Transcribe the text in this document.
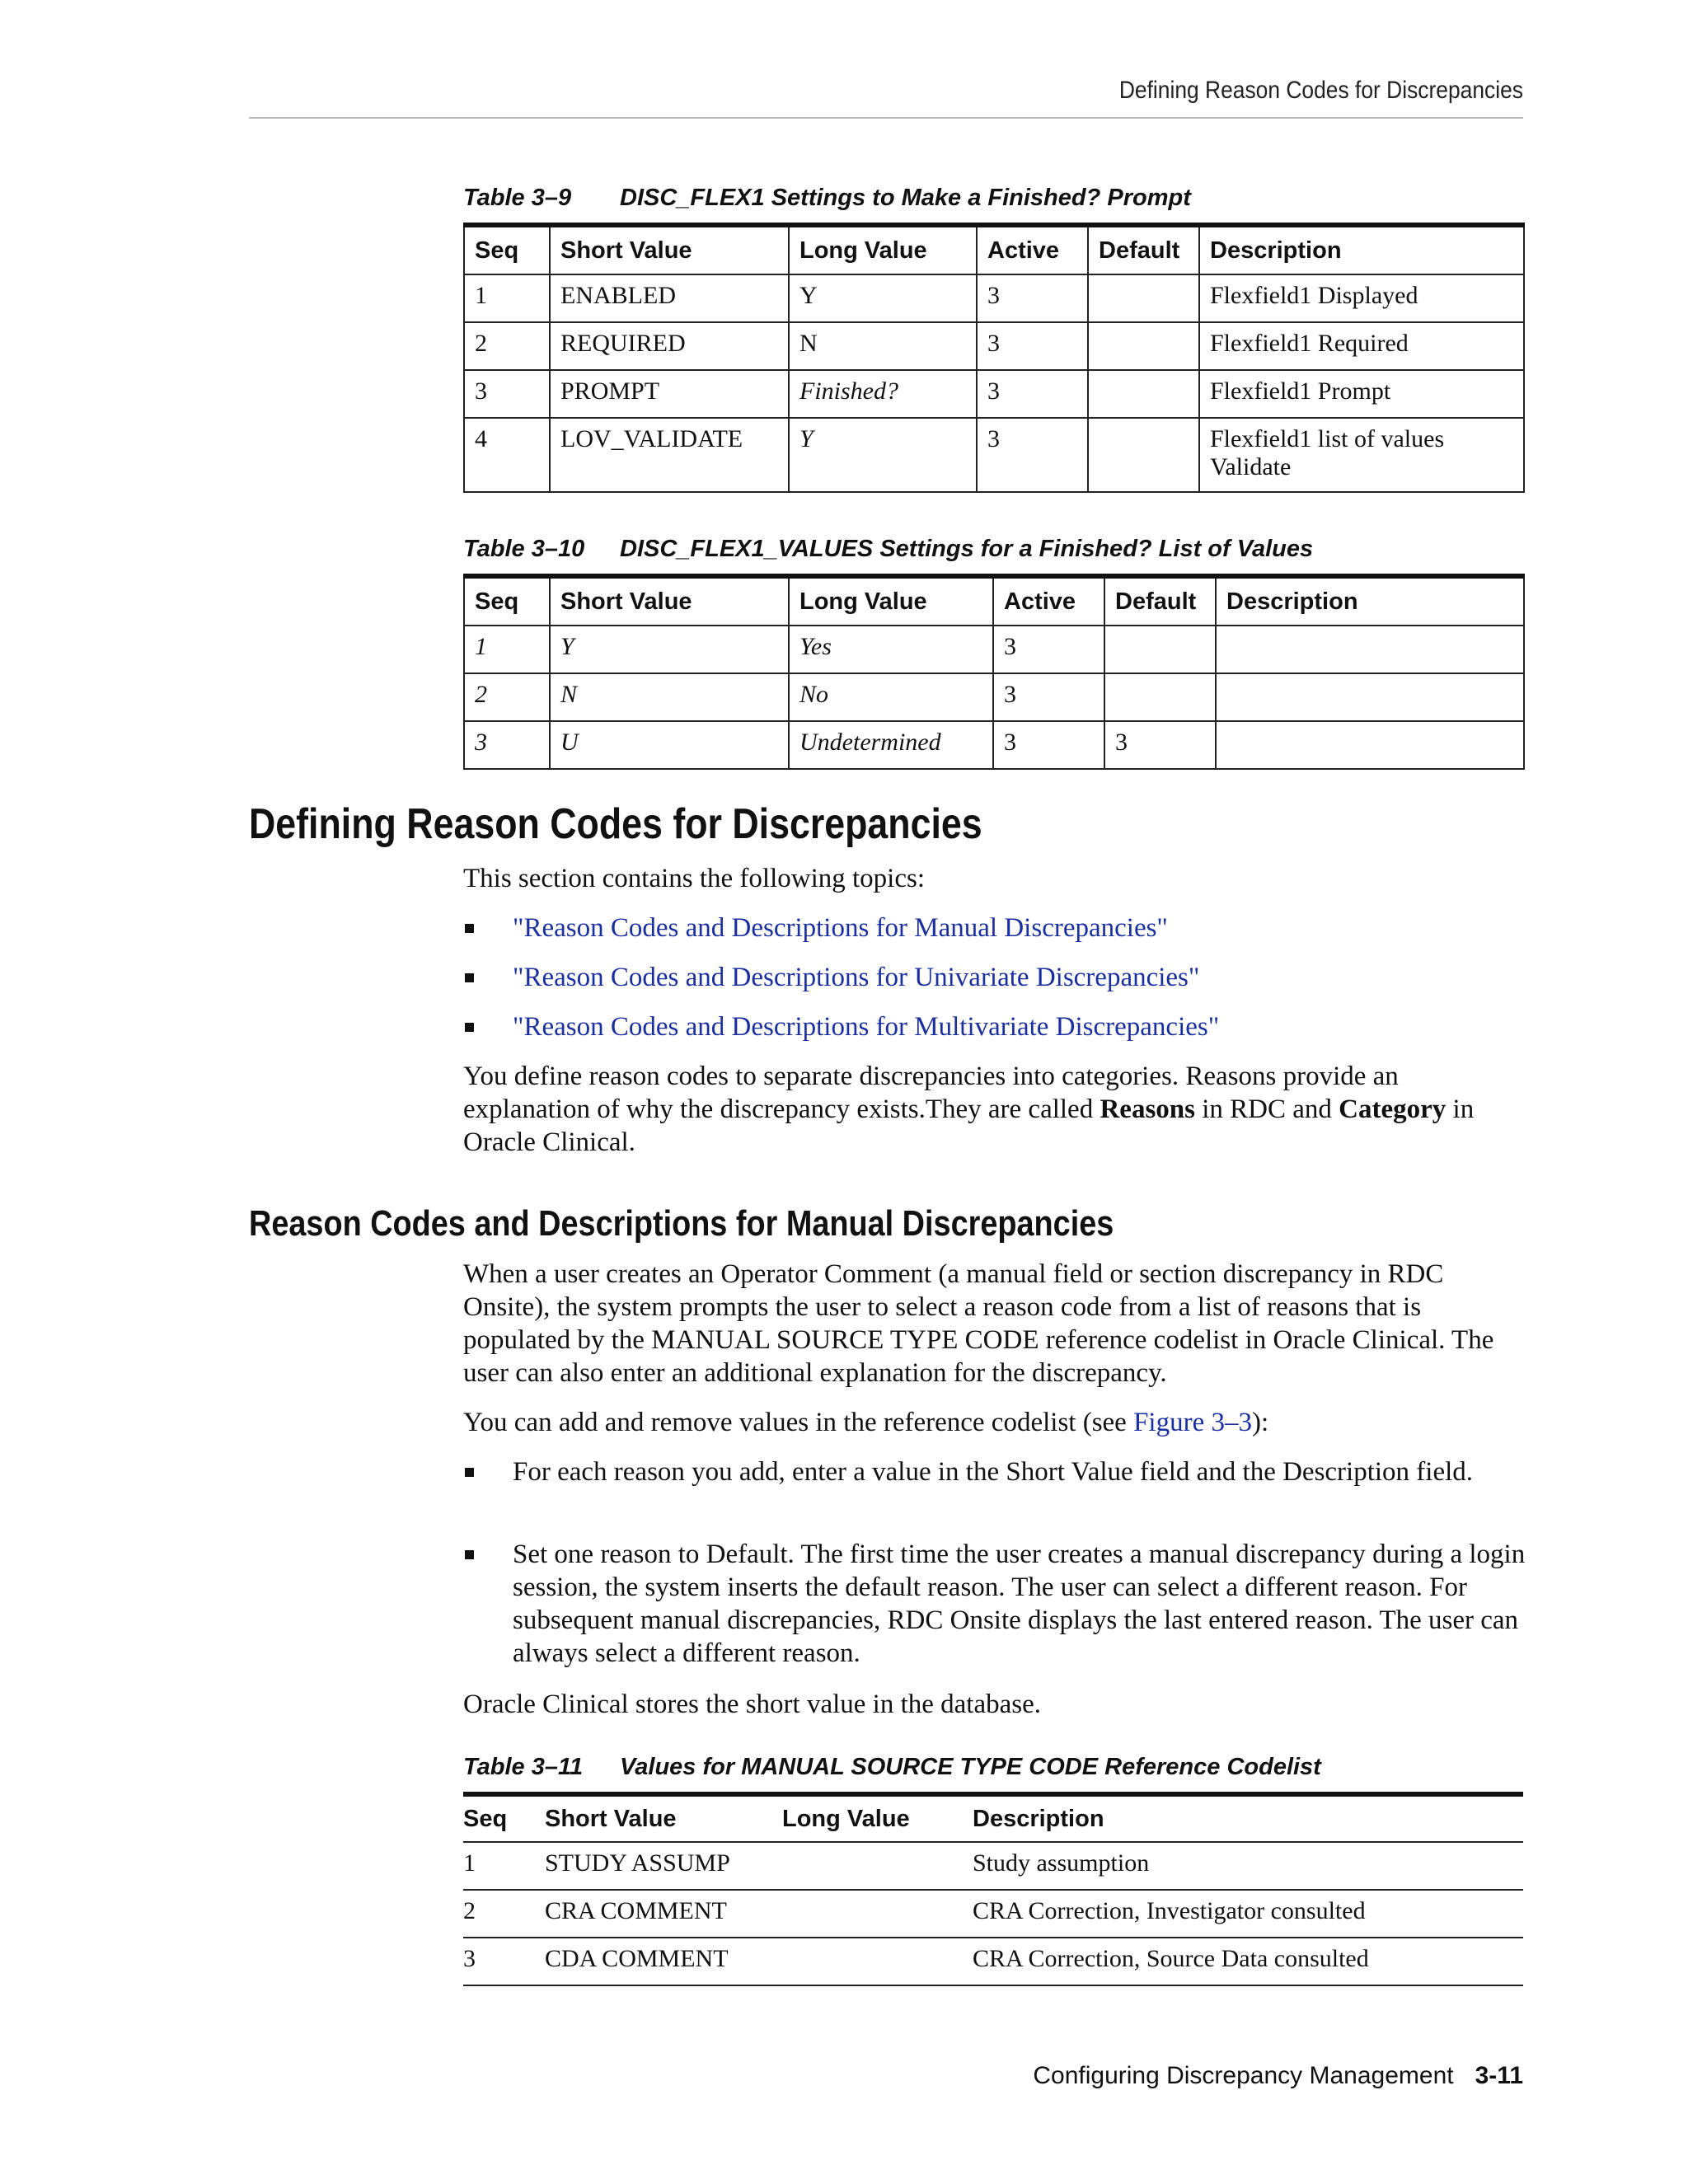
Defining Reason Codes for Discrepancies
Table 3–9 DISC_FLEX1 Settings to Make a Finished? Prompt
Seq	Short Value	Long Value	Active	Default	Description
1	ENABLED	Y	3		Flexfield1 Displayed
2	REQUIRED	N	3		Flexfield1 Required
3	PROMPT	Finished?	3		Flexfield1 Prompt
4	LOV_VALIDATE	Y	3		Flexfield1 list of values Validate
Table 3–10 DISC_FLEX1_VALUES Settings for a Finished? List of Values
Seq	Short Value	Long Value	Active	Default	Description
1	Y	Yes	3		
2	N	No	3		
3	U	Undetermined	3	3	
Defining Reason Codes for Discrepancies
This section contains the following topics:
"Reason Codes and Descriptions for Manual Discrepancies"
"Reason Codes and Descriptions for Univariate Discrepancies"
"Reason Codes and Descriptions for Multivariate Discrepancies"
You define reason codes to separate discrepancies into categories. Reasons provide an explanation of why the discrepancy exists.They are called Reasons in RDC and Category in Oracle Clinical.
Reason Codes and Descriptions for Manual Discrepancies
When a user creates an Operator Comment (a manual field or section discrepancy in RDC Onsite), the system prompts the user to select a reason code from a list of reasons that is populated by the MANUAL SOURCE TYPE CODE reference codelist in Oracle Clinical. The user can also enter an additional explanation for the discrepancy.
You can add and remove values in the reference codelist (see Figure 3–3):
For each reason you add, enter a value in the Short Value field and the Description field.
Set one reason to Default. The first time the user creates a manual discrepancy during a login session, the system inserts the default reason. The user can select a different reason. For subsequent manual discrepancies, RDC Onsite displays the last entered reason. The user can always select a different reason.
Oracle Clinical stores the short value in the database.
Table 3–11 Values for MANUAL SOURCE TYPE CODE Reference Codelist
Seq	Short Value	Long Value	Description
1	STUDY ASSUMP		Study assumption
2	CRA COMMENT		CRA Correction, Investigator consulted
3	CDA COMMENT		CRA Correction, Source Data consulted
Configuring Discrepancy Management 3-11
